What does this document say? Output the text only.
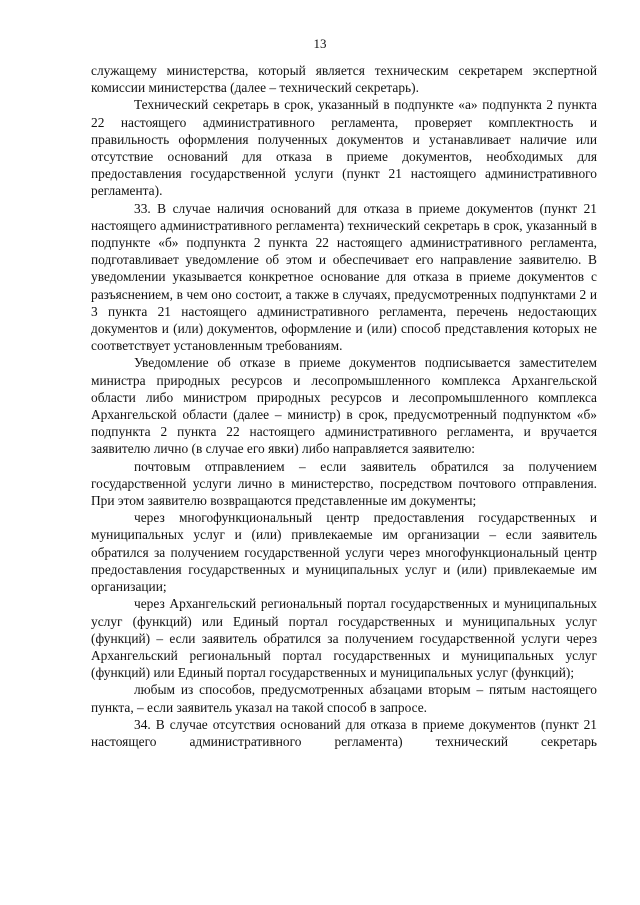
13

служащему министерства, который является техническим секретарем экспертной комиссии министерства (далее – технический секретарь).

Технический секретарь в срок, указанный в подпункте «а» подпункта 2 пункта 22 настоящего административного регламента, проверяет комплектность и правильность оформления полученных документов и устанавливает наличие или отсутствие оснований для отказа в приеме документов, необходимых для предоставления государственной услуги (пункт 21 настоящего административного регламента).

33. В случае наличия оснований для отказа в приеме документов (пункт 21 настоящего административного регламента) технический секретарь в срок, указанный в подпункте «б» подпункта 2 пункта 22 настоящего административного регламента, подготавливает уведомление об этом и обеспечивает его направление заявителю. В уведомлении указывается конкретное основание для отказа в приеме документов с разъяснением, в чем оно состоит, а также в случаях, предусмотренных подпунктами 2 и 3 пункта 21 настоящего административного регламента, перечень недостающих документов и (или) документов, оформление и (или) способ представления которых не соответствует установленным требованиям.

Уведомление об отказе в приеме документов подписывается заместителем министра природных ресурсов и лесопромышленного комплекса Архангельской области либо министром природных ресурсов и лесопромышленного комплекса Архангельской области (далее – министр) в срок, предусмотренный подпунктом «б» подпункта 2 пункта 22 настоящего административного регламента, и вручается заявителю лично (в случае его явки) либо направляется заявителю:

почтовым отправлением – если заявитель обратился за получением государственной услуги лично в министерство, посредством почтового отправления. При этом заявителю возвращаются представленные им документы;

через многофункциональный центр предоставления государственных и муниципальных услуг и (или) привлекаемые им организации – если заявитель обратился за получением государственной услуги через многофункциональный центр предоставления государственных и муниципальных услуг и (или) привлекаемые им организации;

через Архангельский региональный портал государственных и муниципальных услуг (функций) или Единый портал государственных и муниципальных услуг (функций) – если заявитель обратился за получением государственной услуги через Архангельский региональный портал государственных и муниципальных услуг (функций) или Единый портал государственных и муниципальных услуг (функций);

любым из способов, предусмотренных абзацами вторым – пятым настоящего пункта, – если заявитель указал на такой способ в запросе.

34. В случае отсутствия оснований для отказа в приеме документов (пункт 21 настоящего административного регламента) технический секретарь
